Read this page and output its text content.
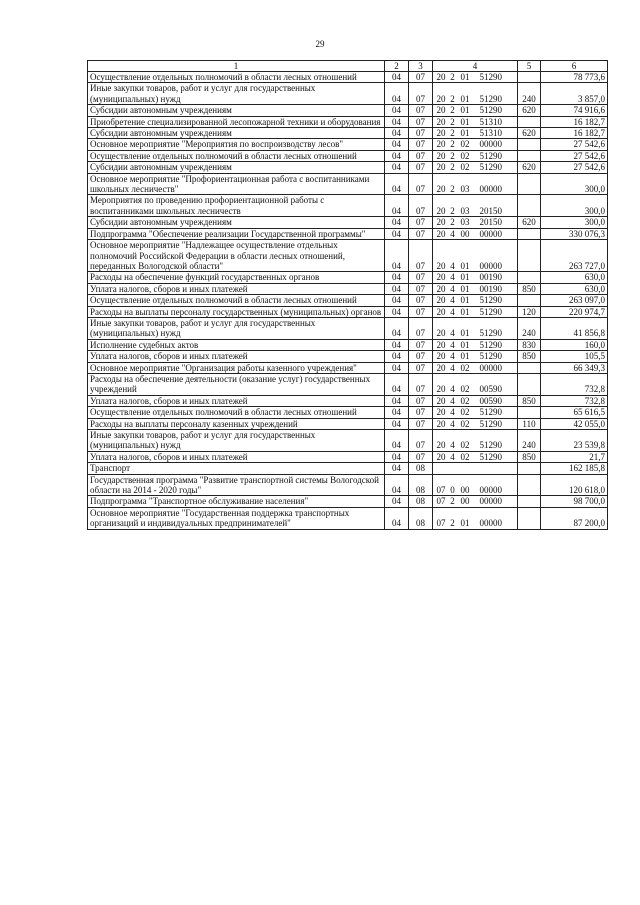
29
1	2	3	4	5	6
Осуществление отдельных полномочий в области лесных отношений	04	07	20 2 01 51290		78 773,6
Иные закупки товаров, работ и услуг для государственных (муниципальных) нужд	04	07	20 2 01 51290	240	3 857,0
Субсидии автономным учреждениям	04	07	20 2 01 51290	620	74 916,6
Приобретение специализированной лесопожарной техники и оборудования	04	07	20 2 01 51310		16 182,7
Субсидии автономным учреждениям	04	07	20 2 01 51310	620	16 182,7
Основное мероприятие "Мероприятия по воспроизводству лесов"	04	07	20 2 02 00000		27 542,6
Осуществление отдельных полномочий в области лесных отношений	04	07	20 2 02 51290		27 542,6
Субсидии автономным учреждениям	04	07	20 2 02 51290	620	27 542,6
Основное мероприятие "Профориентационная работа с воспитанниками школьных лесничеств"	04	07	20 2 03 00000		300,0
Мероприятия по проведению профориентационной работы с воспитанниками школьных лесничеств	04	07	20 2 03 20150		300,0
Субсидии автономным учреждениям	04	07	20 2 03 20150	620	300,0
Подпрограмма "Обеспечение реализации Государственной программы"	04	07	20 4 00 00000		330 076,3
Основное мероприятие "Надлежащее осуществление отдельных полномочий Российской Федерации в области лесных отношений, переданных Вологодской области"	04	07	20 4 01 00000		263 727,0
Расходы на обеспечение функций государственных органов	04	07	20 4 01 00190		630,0
Уплата налогов, сборов и иных платежей	04	07	20 4 01 00190	850	630,0
Осуществление отдельных полномочий в области лесных отношений	04	07	20 4 01 51290		263 097,0
Расходы на выплаты персоналу государственных (муниципальных) органов	04	07	20 4 01 51290	120	220 974,7
Иные закупки товаров, работ и услуг для государственных (муниципальных) нужд	04	07	20 4 01 51290	240	41 856,8
Исполнение судебных актов	04	07	20 4 01 51290	830	160,0
Уплата налогов, сборов и иных платежей	04	07	20 4 01 51290	850	105,5
Основное мероприятие "Организация работы казенного учреждения"	04	07	20 4 02 00000		66 349,3
Расходы на обеспечение деятельности (оказание услуг) государственных учреждений	04	07	20 4 02 00590		732,8
Уплата налогов, сборов и иных платежей	04	07	20 4 02 00590	850	732,8
Осуществление отдельных полномочий в области лесных отношений	04	07	20 4 02 51290		65 616,5
Расходы на выплаты персоналу казенных учреждений	04	07	20 4 02 51290	110	42 055,0
Иные закупки товаров, работ и услуг для государственных (муниципальных) нужд	04	07	20 4 02 51290	240	23 539,8
Уплата налогов, сборов и иных платежей	04	07	20 4 02 51290	850	21,7
Транспорт	04	08			162 185,8
Государственная программа "Развитие транспортной системы Вологодской области на 2014 - 2020 годы"	04	08	07 0 00 00000		120 618,0
Подпрограмма "Транспортное обслуживание населения"	04	08	07 2 00 00000		98 700,0
Основное мероприятие "Государственная поддержка транспортных организаций и индивидуальных предпринимателей"	04	08	07 2 01 00000		87 200,0
